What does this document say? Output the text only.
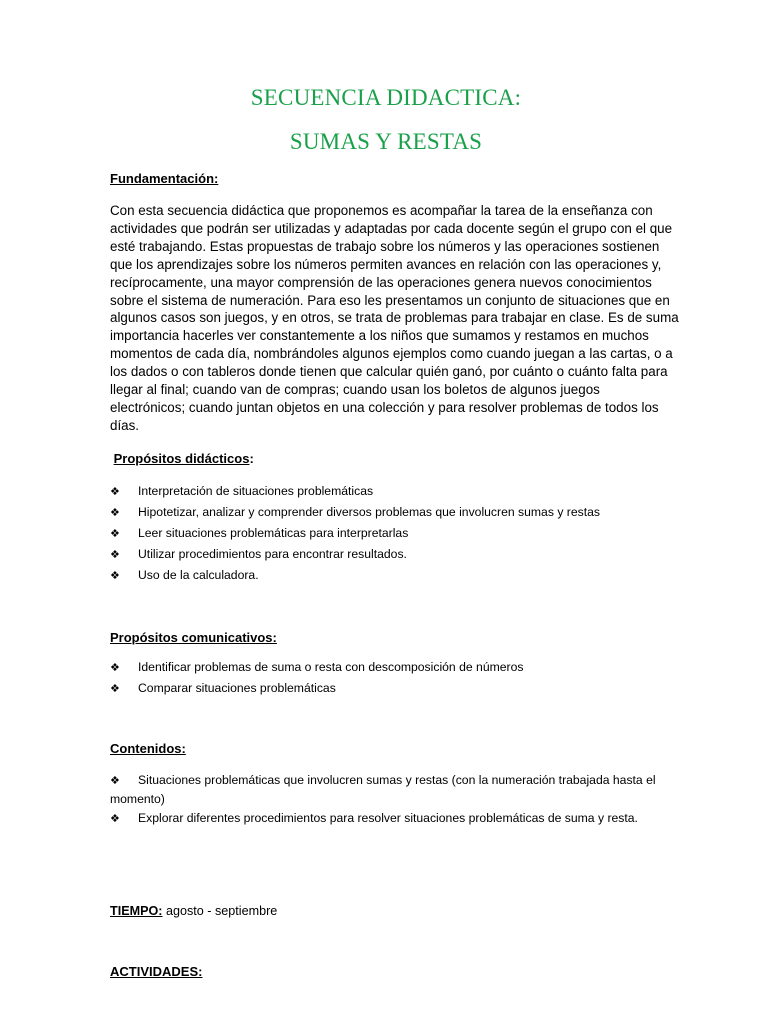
SECUENCIA DIDACTICA:
SUMAS Y RESTAS
Fundamentación:
Con esta secuencia didáctica que proponemos es acompañar la tarea de la enseñanza con
actividades que podrán ser utilizadas y adaptadas por cada docente según el grupo con el que
esté trabajando. Estas propuestas de trabajo sobre los números y las operaciones sostienen
que los aprendizajes sobre los números permiten avances en relación con las operaciones y,
recíprocamente, una mayor comprensión de las operaciones genera nuevos conocimientos
sobre el sistema de numeración. Para eso les presentamos un conjunto de situaciones que en
algunos casos son juegos, y en otros, se trata de problemas para trabajar en clase. Es de suma
importancia hacerles ver constantemente a los niños que sumamos y restamos en muchos
momentos de cada día, nombrándoles algunos ejemplos como cuando juegan a las cartas, o a
los dados o con tableros donde tienen que calcular quién ganó, por cuánto o cuánto falta para
llegar al final; cuando van de compras; cuando usan los boletos de algunos juegos
electrónicos; cuando juntan objetos en una colección y para resolver problemas de todos los
días.
Propósitos didácticos:
❖ Interpretación de situaciones problemáticas
❖ Hipotetizar, analizar y comprender diversos problemas que involucren sumas y restas
❖ Leer situaciones problemáticas para interpretarlas
❖ Utilizar procedimientos para encontrar resultados.
❖ Uso de la calculadora.
Propósitos comunicativos:
❖ Identificar problemas de suma o resta con descomposición de números
❖ Comparar situaciones problemáticas
Contenidos:
❖ Situaciones problemáticas que involucren sumas y restas (con la numeración trabajada hasta el
momento)
❖ Explorar diferentes procedimientos para resolver situaciones problemáticas de suma y resta.
TIEMPO: agosto - septiembre
ACTIVIDADES:
